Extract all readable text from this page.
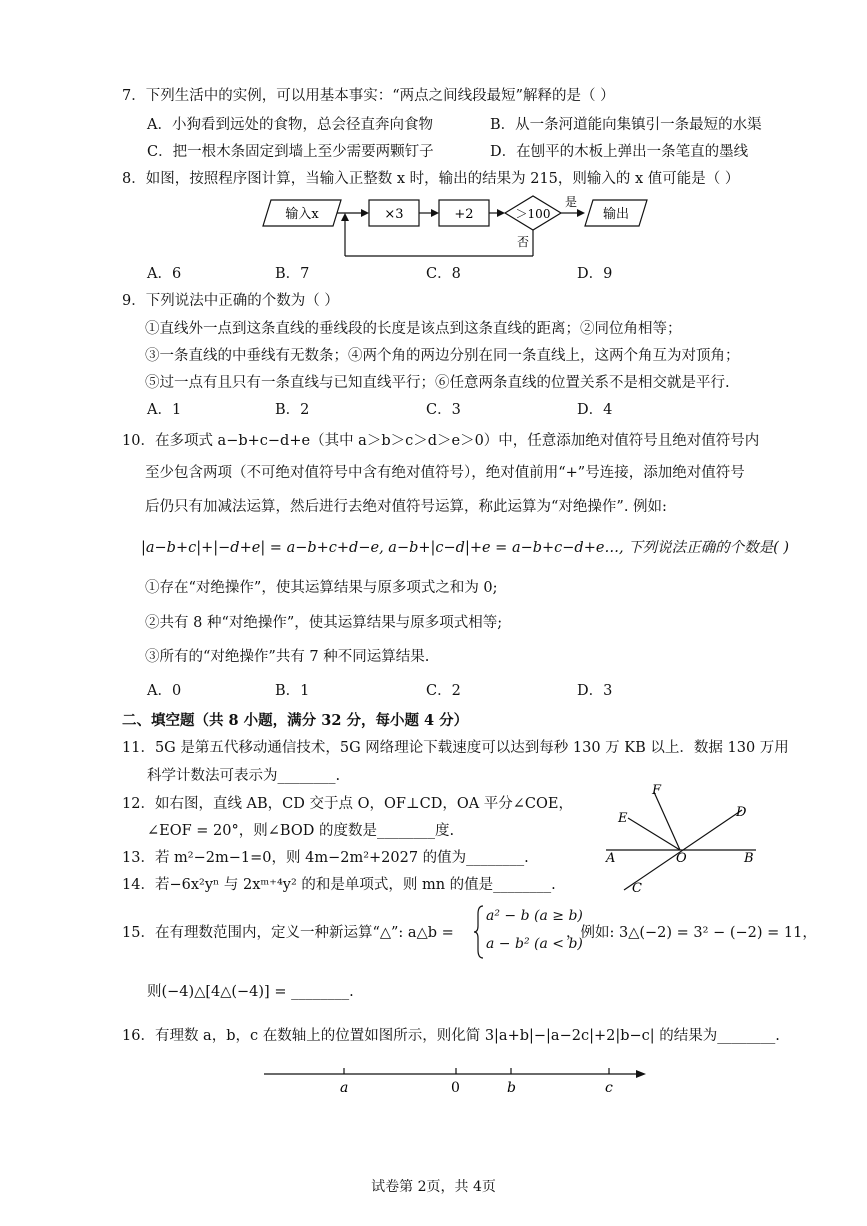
7．下列生活中的实例，可以用基本事实：“两点之间线段最短”解释的是（ ）
A．小狗看到远处的食物，总会径直奔向食物	B．从一条河道能向集镇引一条最短的水渠
C．把一根木条固定到墙上至少需要两颗钉子	D．在刨平的木板上弹出一条笔直的墨线
8．如图，按照程序图计算，当输入正整数 x 时，输出的结果为 215，则输入的 x 值可能是（ ）
输入x	×3	+2	＞100
是
输出
否
A．6	B．7	C．8	D．9
9．下列说法中正确的个数为（ ）
①直线外一点到这条直线的垂线段的长度是该点到这条直线的距离；②同位角相等；
③一条直线的中垂线有无数条；④两个角的两边分别在同一条直线上，这两个角互为对顶角；
⑤过一点有且只有一条直线与已知直线平行；⑥任意两条直线的位置关系不是相交就是平行.
A．1	B．2	C．3	D．4
10．在多项式 a−b+c−d+e（其中 a＞b＞c＞d＞e＞0）中，任意添加绝对值符号且绝对值符号内
至少包含两项（不可绝对值符号中含有绝对值符号），绝对值前用“+”号连接，添加绝对值符号
后仍只有加减法运算，然后进行去绝对值符号运算，称此运算为“对绝操作”. 例如:
|a−b+c|+|−d+e| = a−b+c+d−e, a−b+|c−d|+e = a−b+c−d+e…, 下列说法正确的个数是( )
①存在“对绝操作”，使其运算结果与原多项式之和为 0;
②共有 8 种“对绝操作”，使其运算结果与原多项式相等;
③所有的“对绝操作”共有 7 种不同运算结果.
A．0	B．1	C．2	D．3
二、填空题（共 8 小题，满分 32 分，每小题 4 分）
11．5G 是第五代移动通信技术，5G 网络理论下载速度可以达到每秒 130 万 KB 以上．数据 130 万用
科学计数法可表示为________.
12．如右图，直线 AB，CD 交于点 O，OF⊥CD，OA 平分∠COE，
∠EOF = 20°，则∠BOD 的度数是________度.
F
E	D
A	O	B
C
13．若 m²−2m−1=0，则 4m−2m²+2027 的值为________.
14．若−6x²yⁿ 与 2xᵐ⁺⁴y² 的和是单项式，则 mn 的值是________.
15．在有理数范围内，定义一种新运算“△”: a△b =
a² − b (a ≥ b)
a − b² (a < b)
，例如: 3△(−2) = 3² − (−2) = 11，
则(−4)△[4△(−4)] = ________.
16．有理数 a，b，c 在数轴上的位置如图所示，则化简 3|a+b|−|a−2c|+2|b−c| 的结果为________.
a	0	b	c
试卷第 2页，共 4页
